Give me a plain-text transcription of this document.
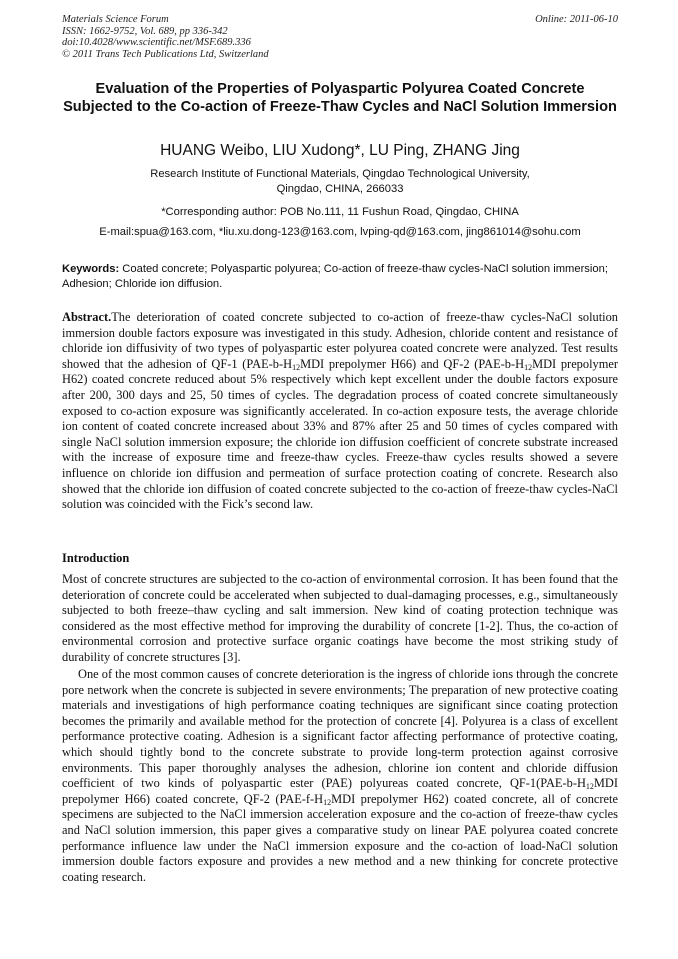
Materials Science Forum
ISSN: 1662-9752, Vol. 689, pp 336-342
doi:10.4028/www.scientific.net/MSF.689.336
© 2011 Trans Tech Publications Ltd, Switzerland
Online: 2011-06-10
Evaluation of the Properties of Polyaspartic Polyurea Coated Concrete Subjected to the Co-action of Freeze-Thaw Cycles and NaCl Solution Immersion
HUANG Weibo, LIU Xudong*, LU Ping, ZHANG Jing
Research Institute of Functional Materials, Qingdao Technological University,
Qingdao, CHINA, 266033
*Corresponding author: POB No.111, 11 Fushun Road, Qingdao, CHINA
E-mail:spua@163.com, *liu.xu.dong-123@163.com, lvping-qd@163.com, jing861014@sohu.com
Keywords: Coated concrete; Polyaspartic polyurea; Co-action of freeze-thaw cycles-NaCl solution immersion; Adhesion; Chloride ion diffusion.
Abstract.The deterioration of coated concrete subjected to co-action of freeze-thaw cycles-NaCl solution immersion double factors exposure was investigated in this study. Adhesion, chloride content and resistance of chloride ion diffusivity of two types of polyaspartic ester polyurea coated concrete were analyzed. Test results showed that the adhesion of QF-1 ($PAE-b-H_{12}MDI$ prepolymer H66) and QF-2 ($PAE-b-H_{12}MDI$ prepolymer H62) coated concrete reduced about 5% respectively which kept excellent under the double factors exposure after 200, 300 days and 25, 50 times of cycles. The degradation process of coated concrete simultaneously exposed to co-action exposure was significantly accelerated. In co-action exposure tests, the average chloride ion content of coated concrete increased about 33% and 87% after 25 and 50 times of cycles compared with single NaCl solution immersion exposure; the chloride ion diffusion coefficient of concrete substrate increased with the increase of exposure time and freeze-thaw cycles. Freeze-thaw cycles results showed a severe influence on chloride ion diffusion and permeation of surface protection coating of concrete. Research also showed that the chloride ion diffusion of coated concrete subjected to the co-action of freeze-thaw cycles-NaCl solution was coincided with the Fick’s second law.
Introduction
Most of concrete structures are subjected to the co-action of environmental corrosion. It has been found that the deterioration of concrete could be accelerated when subjected to dual-damaging processes, e.g., simultaneously subjected to both freeze–thaw cycling and salt immersion. New kind of coating protection technique was considered as the most effective method for improving the durability of concrete [1-2]. Thus, the co-action of environmental corrosion and protective surface organic coatings have become the most striking study of durability of concrete structures [3].
One of the most common causes of concrete deterioration is the ingress of chloride ions through the concrete pore network when the concrete is subjected in severe environments; The preparation of new protective coating materials and investigations of high performance coating techniques are significant since coating protection becomes the primarily and available method for the protection of concrete [4]. Polyurea is a class of excellent performance protective coating. Adhesion is a significant factor affecting performance of protective coating, which should tightly bond to the concrete substrate to provide long-term protection against corrosive environments. This paper thoroughly analyses the adhesion, chlorine ion content and chloride diffusion coefficient of two kinds of polyaspartic ester (PAE) polyureas coated concrete, $QF-1(PAE-b-H_{12}MDI$ prepolymer H66) coated concrete, QF-2 ($PAE-f-H_{12}MDI$ prepolymer H62) coated concrete, all of concrete specimens are subjected to the NaCl immersion acceleration exposure and the co-action of freeze-thaw cycles and NaCl solution immersion, this paper gives a comparative study on linear PAE polyurea coated concrete performance influence law under the NaCl immersion exposure and the co-action of load-NaCl solution immersion double factors exposure and provides a new method and a new thinking for concrete protective coating research.
